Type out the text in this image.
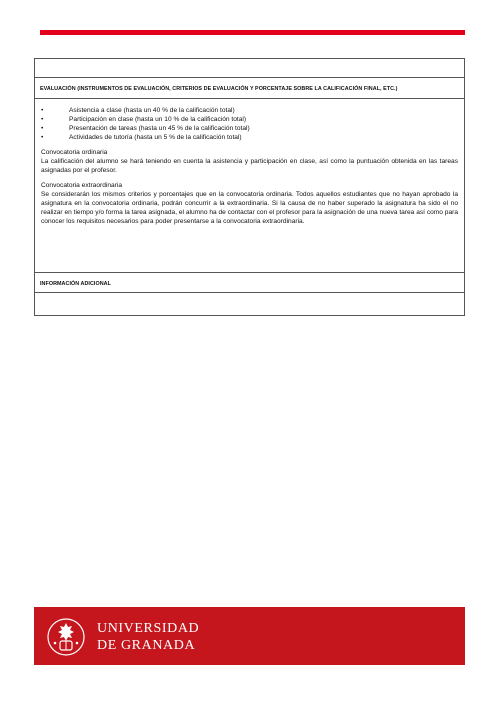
EVALUACIÓN (INSTRUMENTOS DE EVALUACIÓN, CRITERIOS DE EVALUACIÓN Y PORCENTAJE SOBRE LA CALIFICACIÓN FINAL, ETC.)
• Asistencia a clase (hasta un 40 % de la calificación total)
• Participación en clase (hasta un 10 % de la calificación total)
• Presentación de tareas (hasta un 45 % de la calificación total)
• Actividades de tutoría (hasta un 5 % de la calificación total)
Convocatoria ordinaria
La calificación del alumno se hará teniendo en cuenta la asistencia y participación en clase, así como la puntuación obtenida en las tareas asignadas por el profesor.
Convocatoria extraordinaria
Se considerarán los mismos criterios y porcentajes que en la convocatoria ordinaria. Todos aquellos estudiantes que no hayan aprobado la asignatura en la convocatoria ordinaria, podrán concurrir a la extraordinaria. Si la causa de no haber superado la asignatura ha sido el no realizar en tiempo y/o forma la tarea asignada, el alumno ha de contactar con el profesor para la asignación de una nueva tarea así como para conocer los requisitos necesarios para poder presentarse a la convocatoria extraordinaria.
INFORMACIÓN ADICIONAL
UNIVERSIDAD
DE GRANADA
